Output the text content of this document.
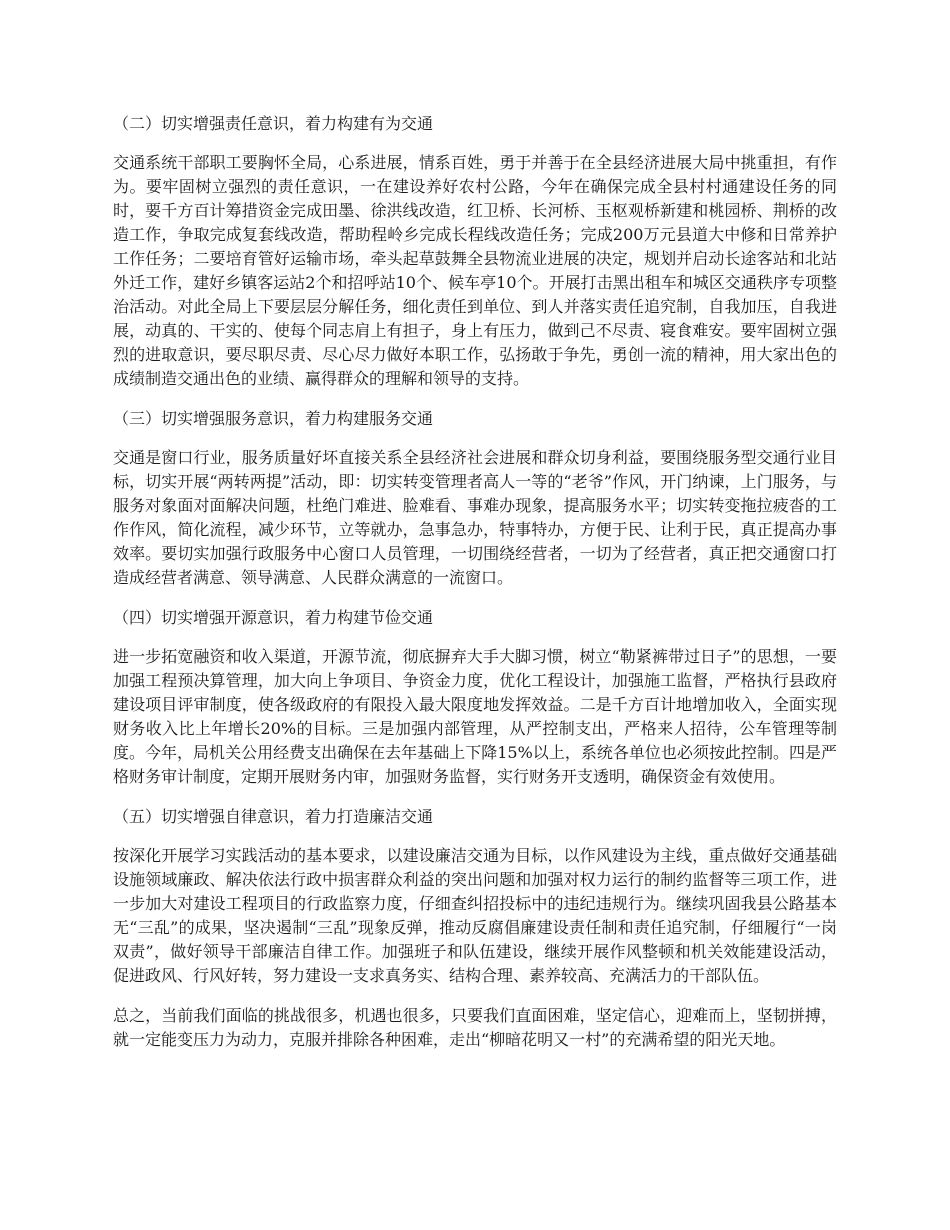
（二）切实增强责任意识，着力构建有为交通
交通系统干部职工要胸怀全局，心系进展，情系百姓，勇于并善于在全县经济进展大局中挑重担，有作为。要牢固树立强烈的责任意识，一在建设养好农村公路，今年在确保完成全县村村通建设任务的同时，要千方百计筹措资金完成田墨、徐洪线改造，红卫桥、长河桥、玉枢观桥新建和桃园桥、荆桥的改造工作，争取完成复套线改造，帮助程岭乡完成长程线改造任务；完成200万元县道大中修和日常养护工作任务；二要培育管好运输市场，牵头起草鼓舞全县物流业进展的决定，规划并启动长途客站和北站外迁工作，建好乡镇客运站2个和招呼站10个、候车亭10个。开展打击黑出租车和城区交通秩序专项整治活动。对此全局上下要层层分解任务，细化责任到单位、到人并落实责任追究制，自我加压，自我进展，动真的、干实的、使每个同志肩上有担子，身上有压力，做到己不尽责、寝食难安。要牢固树立强烈的进取意识，要尽职尽责、尽心尽力做好本职工作，弘扬敢于争先，勇创一流的精神，用大家出色的成绩制造交通出色的业绩、赢得群众的理解和领导的支持。
（三）切实增强服务意识，着力构建服务交通
交通是窗口行业，服务质量好坏直接关系全县经济社会进展和群众切身利益，要围绕服务型交通行业目标，切实开展“两转两提”活动，即：切实转变管理者高人一等的“老爷”作风，开门纳谏，上门服务，与服务对象面对面解决问题，杜绝门难进、脸难看、事难办现象，提高服务水平；切实转变拖拉疲沓的工作作风，简化流程，减少环节，立等就办，急事急办，特事特办，方便于民、让利于民，真正提高办事效率。要切实加强行政服务中心窗口人员管理，一切围绕经营者，一切为了经营者，真正把交通窗口打造成经营者满意、领导满意、人民群众满意的一流窗口。
（四）切实增强开源意识，着力构建节俭交通
进一步拓宽融资和收入渠道，开源节流，彻底摒弃大手大脚习惯，树立“勒紧裤带过日子”的思想，一要加强工程预决算管理，加大向上争项目、争资金力度，优化工程设计，加强施工监督，严格执行县政府建设项目评审制度，使各级政府的有限投入最大限度地发挥效益。二是千方百计地增加收入，全面实现财务收入比上年增长20%的目标。三是加强内部管理，从严控制支出，严格来人招待，公车管理等制度。今年，局机关公用经费支出确保在去年基础上下降15%以上，系统各单位也必须按此控制。四是严格财务审计制度，定期开展财务内审，加强财务监督，实行财务开支透明，确保资金有效使用。
（五）切实增强自律意识，着力打造廉洁交通
按深化开展学习实践活动的基本要求，以建设廉洁交通为目标，以作风建设为主线，重点做好交通基础设施领域廉政、解决依法行政中损害群众利益的突出问题和加强对权力运行的制约监督等三项工作，进一步加大对建设工程项目的行政监察力度，仔细查纠招投标中的违纪违规行为。继续巩固我县公路基本无“三乱”的成果，坚决遏制“三乱”现象反弹，推动反腐倡廉建设责任制和责任追究制，仔细履行“一岗双责”，做好领导干部廉洁自律工作。加强班子和队伍建设，继续开展作风整顿和机关效能建设活动，促进政风、行风好转，努力建设一支求真务实、结构合理、素养较高、充满活力的干部队伍。
总之，当前我们面临的挑战很多，机遇也很多，只要我们直面困难，坚定信心，迎难而上，坚韧拼搏，就一定能变压力为动力，克服并排除各种困难，走出“柳暗花明又一村”的充满希望的阳光天地。
